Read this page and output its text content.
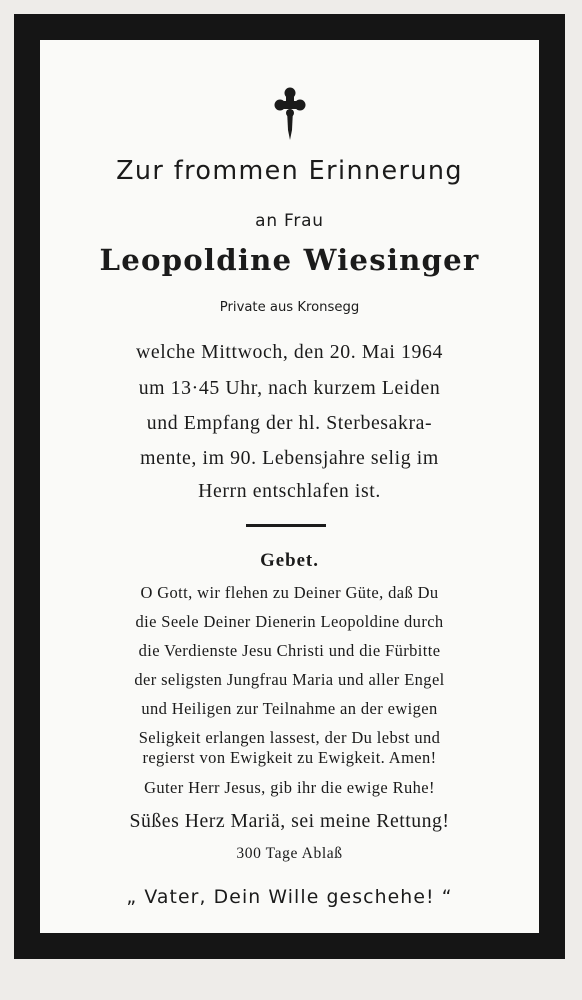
Zur frommen Erinnerung
an Frau
Leopoldine Wiesinger
Private aus Kronsegg
welche Mittwoch, den 20. Mai 1964
um 13·45 Uhr, nach kurzem Leiden
und Empfang der hl. Sterbesakra-
mente, im 90. Lebensjahre selig im
Herrn entschlafen ist.
Gebet.
O Gott, wir flehen zu Deiner Güte, daß Du
die Seele Deiner Dienerin Leopoldine durch
die Verdienste Jesu Christi und die Fürbitte
der seligsten Jungfrau Maria und aller Engel
und Heiligen zur Teilnahme an der ewigen
Seligkeit erlangen lassest, der Du lebst und
regierst von Ewigkeit zu Ewigkeit. Amen!
Guter Herr Jesus, gib ihr die ewige Ruhe!
Süßes Herz Mariä, sei meine Rettung!
300 Tage Ablaß
„ Vater, Dein Wille geschehe! “
